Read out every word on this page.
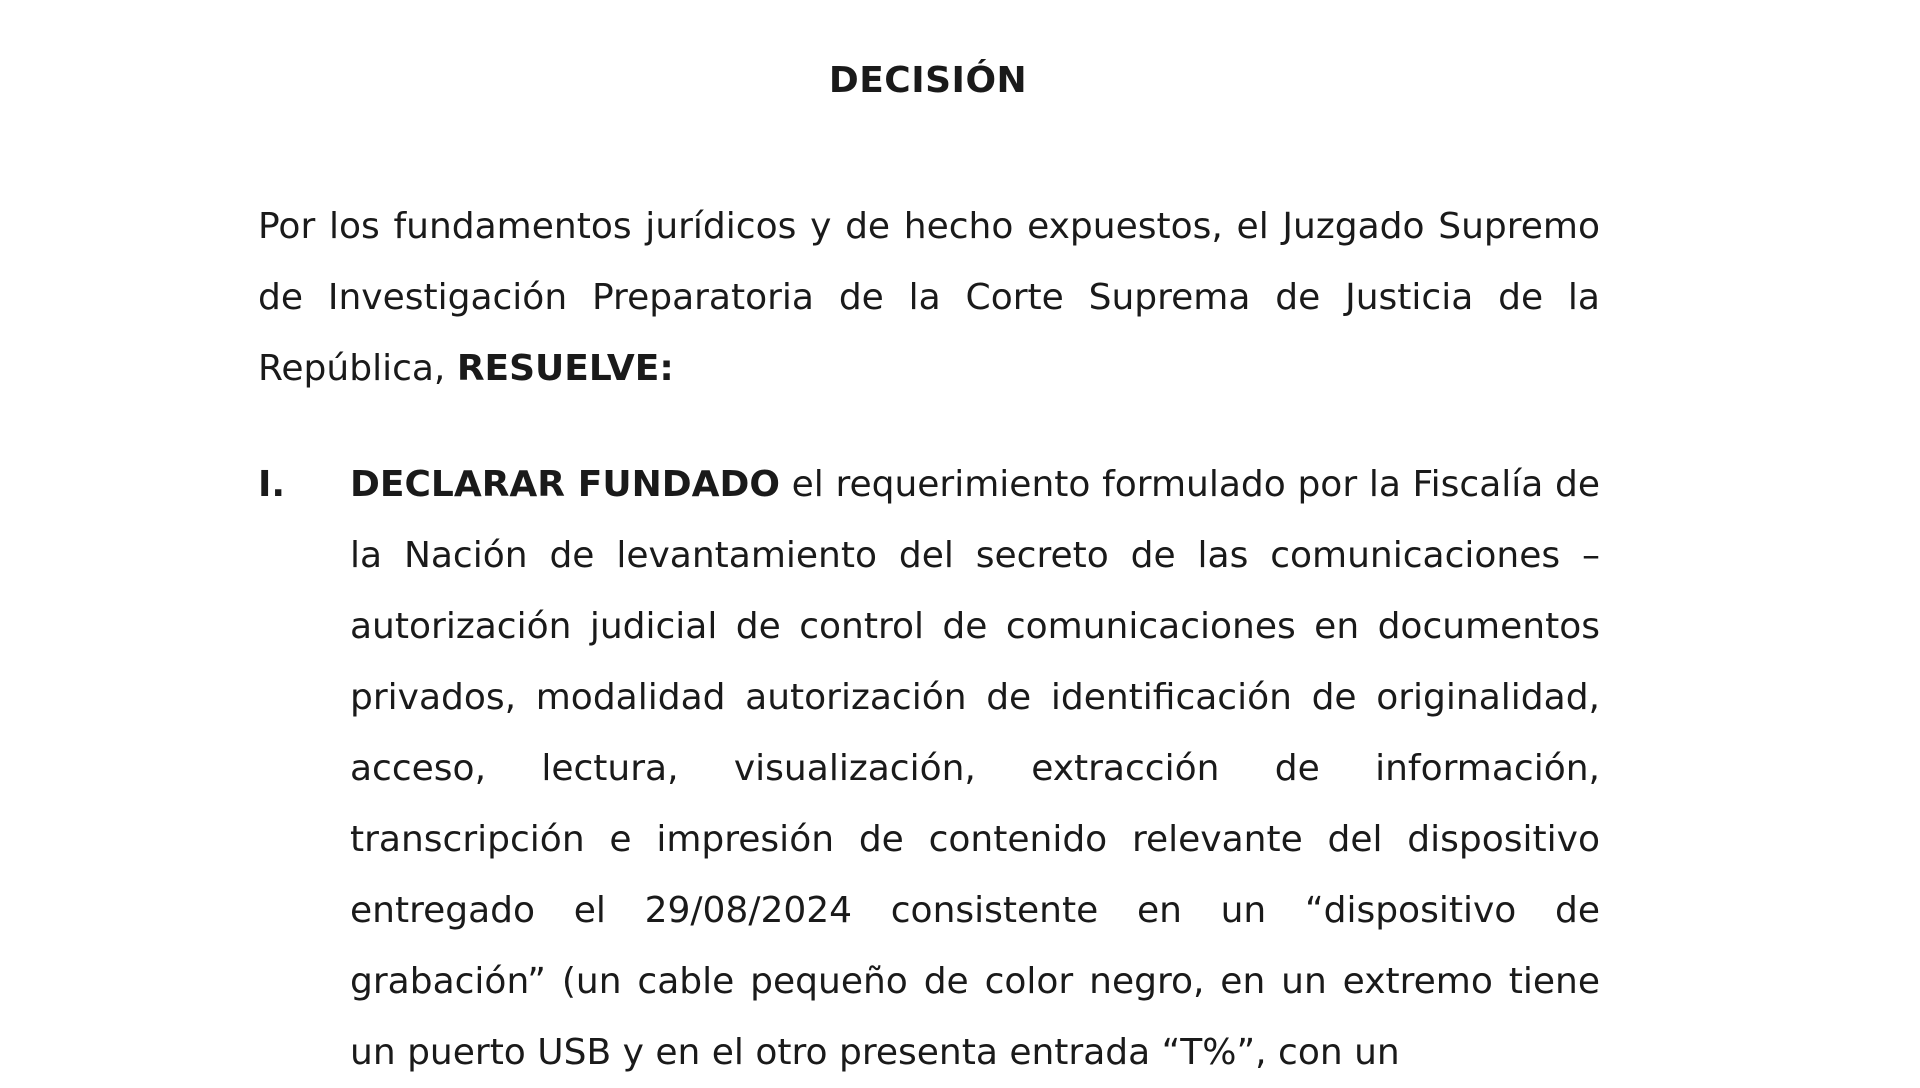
DECISIÓN

Por los fundamentos jurídicos y de hecho expuestos, el Juzgado Supremo de Investigación Preparatoria de la Corte Suprema de Justicia de la República, RESUELVE:

I. DECLARAR FUNDADO el requerimiento formulado por la Fiscalía de la Nación de levantamiento del secreto de las comunicaciones – autorización judicial de control de comunicaciones en documentos privados, modalidad autorización de identificación de originalidad, acceso, lectura, visualización, extracción de información, transcripción e impresión de contenido relevante del dispositivo entregado el 29/08/2024 consistente en un “dispositivo de grabación” (un cable pequeño de color negro, en un extremo tiene un puerto USB y en el otro presenta entrada “T%”, con un
